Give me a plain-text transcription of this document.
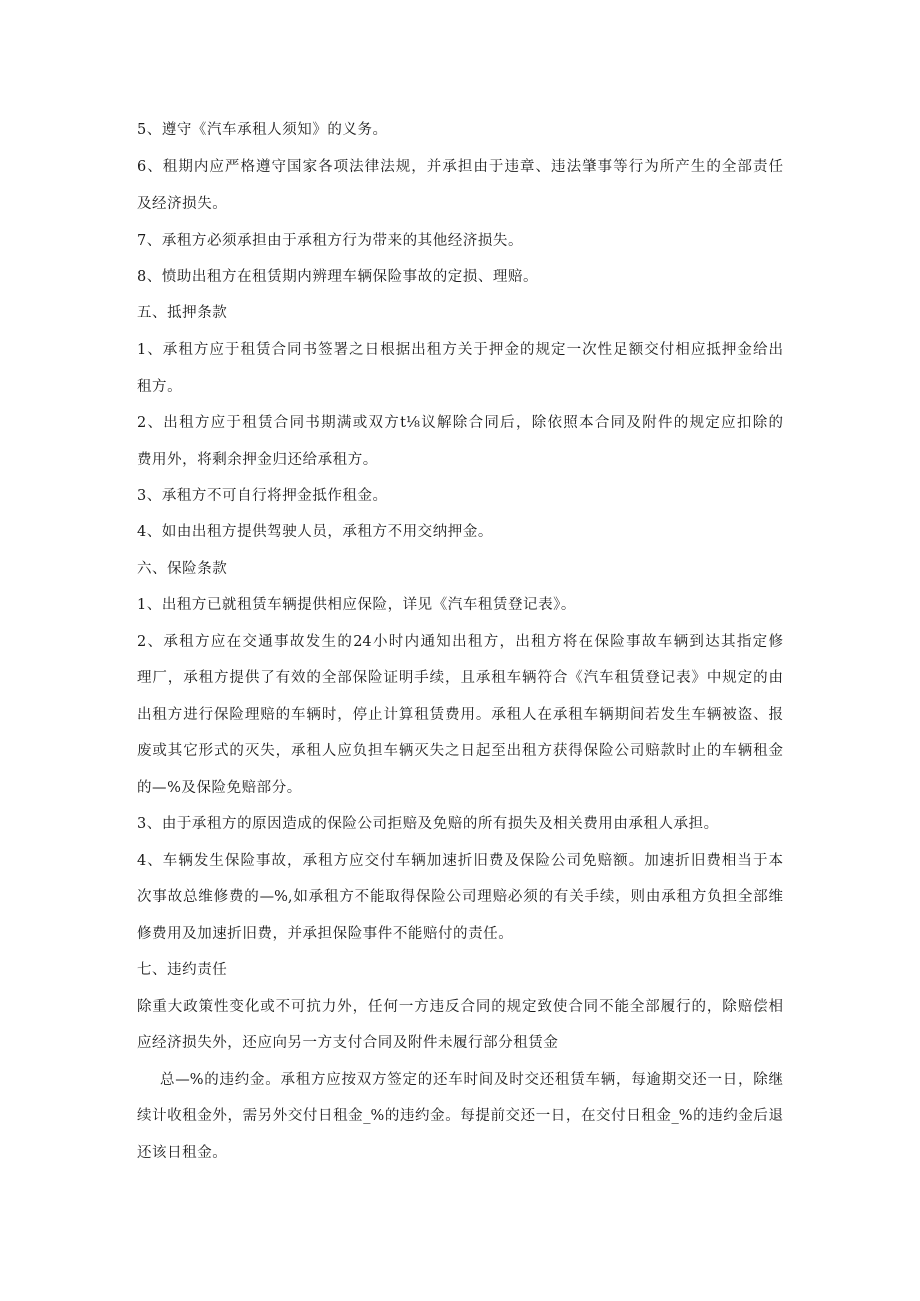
5、遵守《汽车承租人须知》的义务。
6、租期内应严格遵守国家各项法律法规，并承担由于违章、违法肇事等行为所产生的全部责任
及经济损失。
7、承租方必须承担由于承租方行为带来的其他经济损失。
8、愤助出租方在租赁期内辨理车辆保险事故的定损、理赔。
五、抵押条款
1、承租方应于租赁合同书签署之日根据出租方关于押金的规定一次性足额交付相应抵押金给出
租方。
2、出租方应于租赁合同书期满或双方t⅛议解除合同后，除依照本合同及附件的规定应扣除的
费用外，将剩余押金归还给承租方。
3、承租方不可自行将押金抵作租金。
4、如由出租方提供驾驶人员，承租方不用交纳押金。
六、保险条款
1、出租方已就租赁车辆提供相应保险，详见《汽车租赁登记表》。
2、承租方应在交通事故发生的24小时内通知出租方，出租方将在保险事故车辆到达其指定修
理厂，承租方提供了有效的全部保险证明手续，且承租车辆符合《汽车租赁登记表》中规定的由
出租方进行保险理赔的车辆时，停止计算租赁费用。承租人在承租车辆期间若发生车辆被盗、报
废或其它形式的灭失，承租人应负担车辆灭失之日起至出租方获得保险公司赔款时止的车辆租金
的—%及保险免赔部分。
3、由于承租方的原因造成的保险公司拒赔及免赔的所有损失及相关费用由承租人承担。
4、车辆发生保险事故，承租方应交付车辆加速折旧费及保险公司免赔额。加速折旧费相当于本
次事故总维修费的—%,如承租方不能取得保险公司理赔必须的有关手续，则由承租方负担全部维
修费用及加速折旧费，并承担保险事件不能赔付的责任。
七、违约责任
除重大政策性变化或不可抗力外，任何一方违反合同的规定致使合同不能全部履行的，除赔偿相
应经济损失外，还应向另一方支付合同及附件未履行部分租赁金
总—%的违约金。承租方应按双方签定的还车时间及时交还租赁车辆，每逾期交还一日，除继
续计收租金外，需另外交付日租金_%的违约金。每提前交还一日，在交付日租金_%的违约金后退
还该日租金。
